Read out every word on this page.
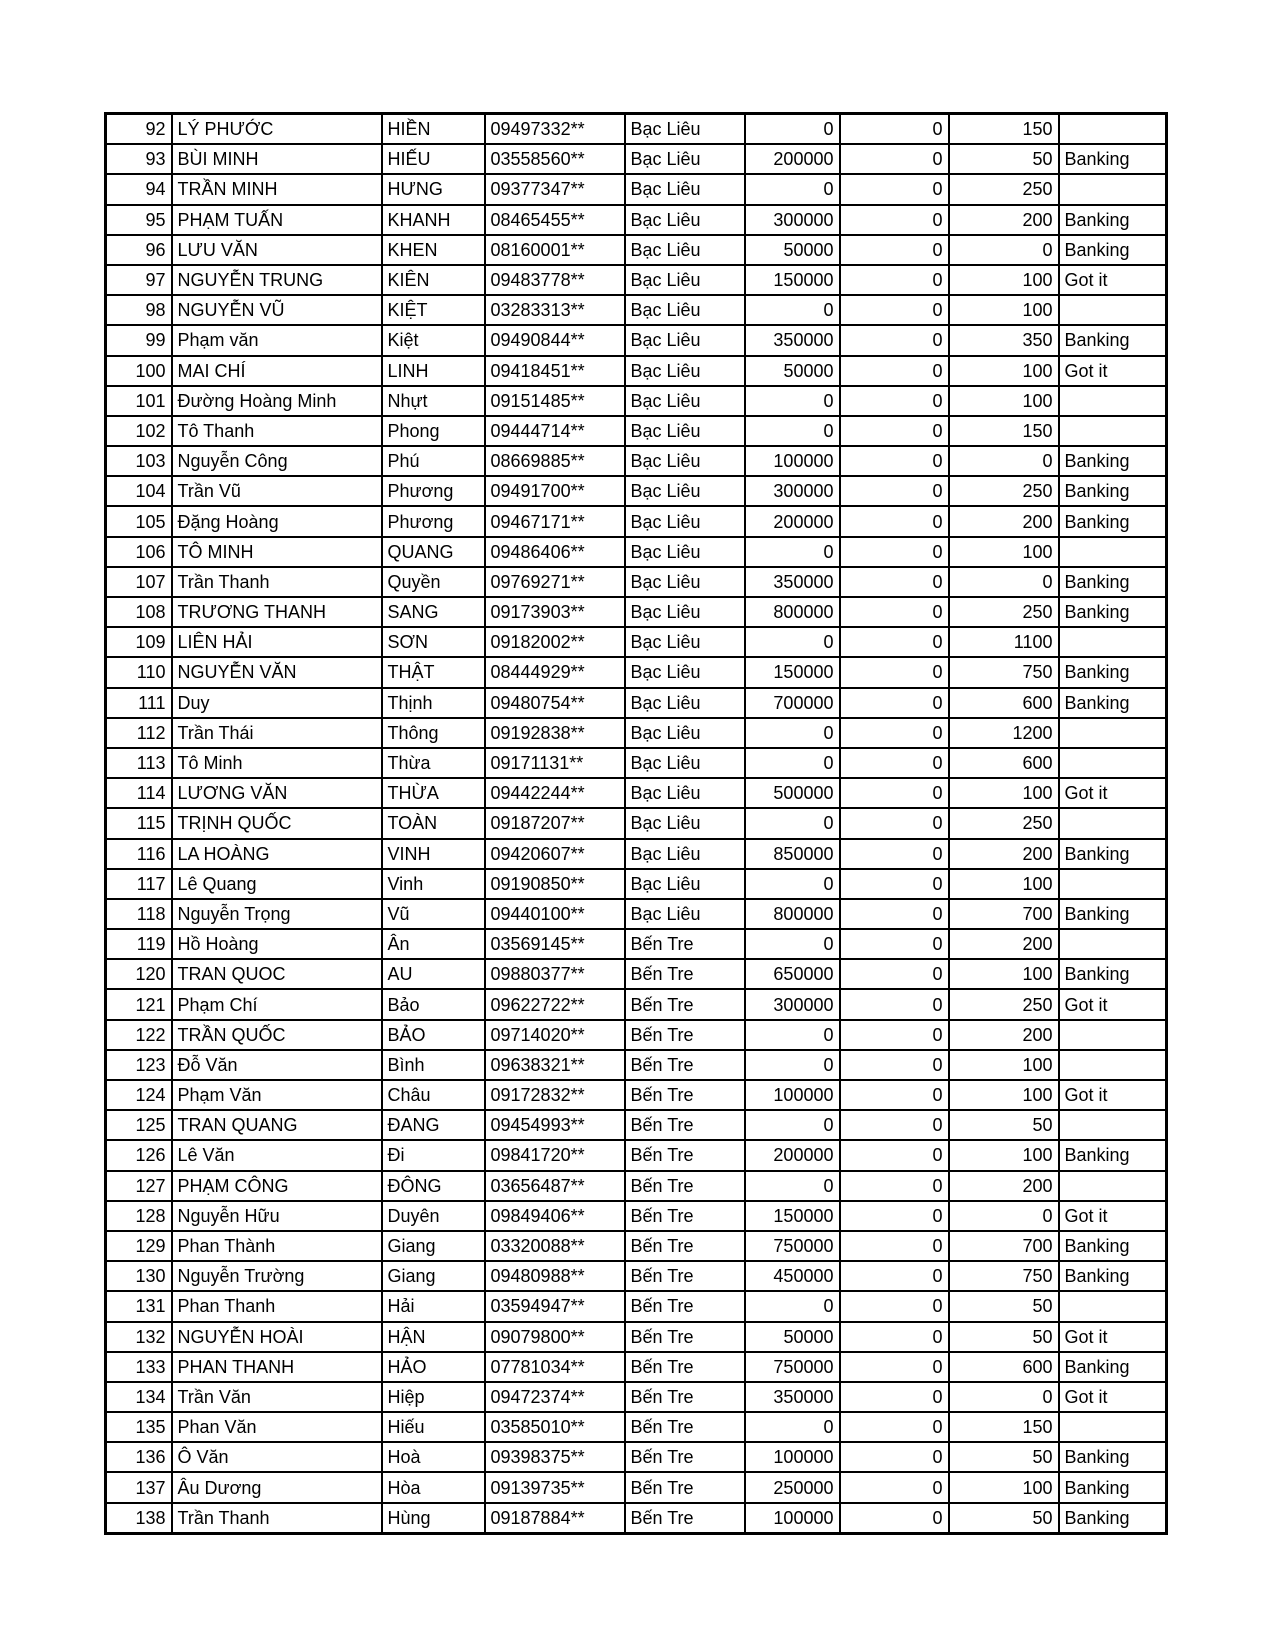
92	LÝ PHƯỚC	HIỀN	09497332**	Bạc Liêu	0	0	150	
93	BÙI MINH	HIẾU	03558560**	Bạc Liêu	200000	0	50	Banking
94	TRẦN MINH	HƯNG	09377347**	Bạc Liêu	0	0	250	
95	PHẠM TUẤN	KHANH	08465455**	Bạc Liêu	300000	0	200	Banking
96	LƯU VĂN	KHEN	08160001**	Bạc Liêu	50000	0	0	Banking
97	NGUYỄN TRUNG	KIÊN	09483778**	Bạc Liêu	150000	0	100	Got it
98	NGUYỄN VŨ	KIỆT	03283313**	Bạc Liêu	0	0	100	
99	Phạm văn	Kiệt	09490844**	Bạc Liêu	350000	0	350	Banking
100	MAI CHÍ	LINH	09418451**	Bạc Liêu	50000	0	100	Got it
101	Đường Hoàng Minh	Nhựt	09151485**	Bạc Liêu	0	0	100	
102	Tô Thanh	Phong	09444714**	Bạc Liêu	0	0	150	
103	Nguyễn Công	Phú	08669885**	Bạc Liêu	100000	0	0	Banking
104	Trần Vũ	Phương	09491700**	Bạc Liêu	300000	0	250	Banking
105	Đặng Hoàng	Phương	09467171**	Bạc Liêu	200000	0	200	Banking
106	TÔ MINH	QUANG	09486406**	Bạc Liêu	0	0	100	
107	Trần Thanh	Quyền	09769271**	Bạc Liêu	350000	0	0	Banking
108	TRƯƠNG THANH	SANG	09173903**	Bạc Liêu	800000	0	250	Banking
109	LIÊN HẢI	SƠN	09182002**	Bạc Liêu	0	0	1100	
110	NGUYỄN VĂN	THẬT	08444929**	Bạc Liêu	150000	0	750	Banking
111	Duy	Thịnh	09480754**	Bạc Liêu	700000	0	600	Banking
112	Trần Thái	Thông	09192838**	Bạc Liêu	0	0	1200	
113	Tô Minh	Thừa	09171131**	Bạc Liêu	0	0	600	
114	LƯƠNG VĂN	THỪA	09442244**	Bạc Liêu	500000	0	100	Got it
115	TRỊNH QUỐC	TOÀN	09187207**	Bạc Liêu	0	0	250	
116	LA HOÀNG	VINH	09420607**	Bạc Liêu	850000	0	200	Banking
117	Lê Quang	Vinh	09190850**	Bạc Liêu	0	0	100	
118	Nguyễn Trọng	Vũ	09440100**	Bạc Liêu	800000	0	700	Banking
119	Hồ Hoàng	Ân	03569145**	Bến Tre	0	0	200	
120	TRAN QUOC	AU	09880377**	Bến Tre	650000	0	100	Banking
121	Phạm Chí	Bảo	09622722**	Bến Tre	300000	0	250	Got it
122	TRẦN QUỐC	BẢO	09714020**	Bến Tre	0	0	200	
123	Đỗ Văn	Bình	09638321**	Bến Tre	0	0	100	
124	Phạm Văn	Châu	09172832**	Bến Tre	100000	0	100	Got it
125	TRAN QUANG	ĐANG	09454993**	Bến Tre	0	0	50	
126	Lê Văn	Đi	09841720**	Bến Tre	200000	0	100	Banking
127	PHẠM CÔNG	ĐÔNG	03656487**	Bến Tre	0	0	200	
128	Nguyễn Hữu	Duyên	09849406**	Bến Tre	150000	0	0	Got it
129	Phan Thành	Giang	03320088**	Bến Tre	750000	0	700	Banking
130	Nguyễn Trường	Giang	09480988**	Bến Tre	450000	0	750	Banking
131	Phan Thanh	Hải	03594947**	Bến Tre	0	0	50	
132	NGUYỄN HOÀI	HẬN	09079800**	Bến Tre	50000	0	50	Got it
133	PHAN THANH	HẢO	07781034**	Bến Tre	750000	0	600	Banking
134	Trần Văn	Hiệp	09472374**	Bến Tre	350000	0	0	Got it
135	Phan Văn	Hiếu	03585010**	Bến Tre	0	0	150	
136	Ô Văn	Hoà	09398375**	Bến Tre	100000	0	50	Banking
137	Âu Dương	Hòa	09139735**	Bến Tre	250000	0	100	Banking
138	Trần Thanh	Hùng	09187884**	Bến Tre	100000	0	50	Banking
